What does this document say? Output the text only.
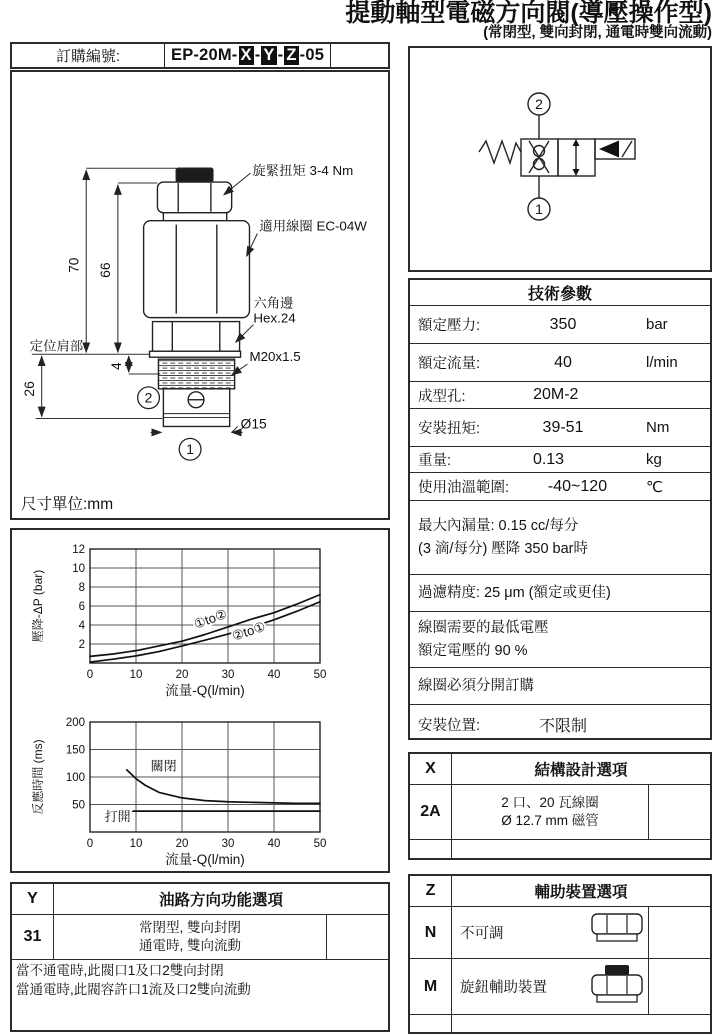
提動軸型電磁方向閥(導壓操作型)
(常閉型, 雙向封閉, 通電時雙向流動)
訂購編號:	EP-20M- X - Y - Z -05
70 66
26
4
Ø15
定位肩部
2
1
旋緊扭矩 3-4 Nm
適用線圈 EC-04W
六角邊
Hex.24
M20x1.5
尺寸單位:mm
0	10	20	30	40	50
2
4
6
8
10
12
流量-Q(l/min)
壓降-ΔP (bar)	①to② ②to①

0	10	20	30	40	50
50
100
150
200
流量-Q(l/min)
反應時間 (ms)	關閉
打開
2
1
技術參數
額定壓力:	350	bar
額定流量:	40	l/min
成型孔:	20M-2
安裝扭矩:	39-51	Nm
重量:	0.13	kg
使用油溫範圍:	-40~120	℃
最大內漏量: 0.15 cc/每分
(3 滴/每分) 壓降 350 bar時
過濾精度: 25 μm (額定或更佳)
線圈需要的最低電壓
額定電壓的 90 %
線圈必須分開訂購
安裝位置:	不限制
X	結構設計選項
2A
2 口、20 瓦線圈
Ø 12.7 mm 磁管
Z	輔助裝置選項
N	不可調
M	旋鈕輔助裝置
Y	油路方向功能選項
31
常閉型, 雙向封閉
通電時, 雙向流動
當不通電時,此閥口1及口2雙向封閉
當通電時,此閥容許口1流及口2雙向流動
